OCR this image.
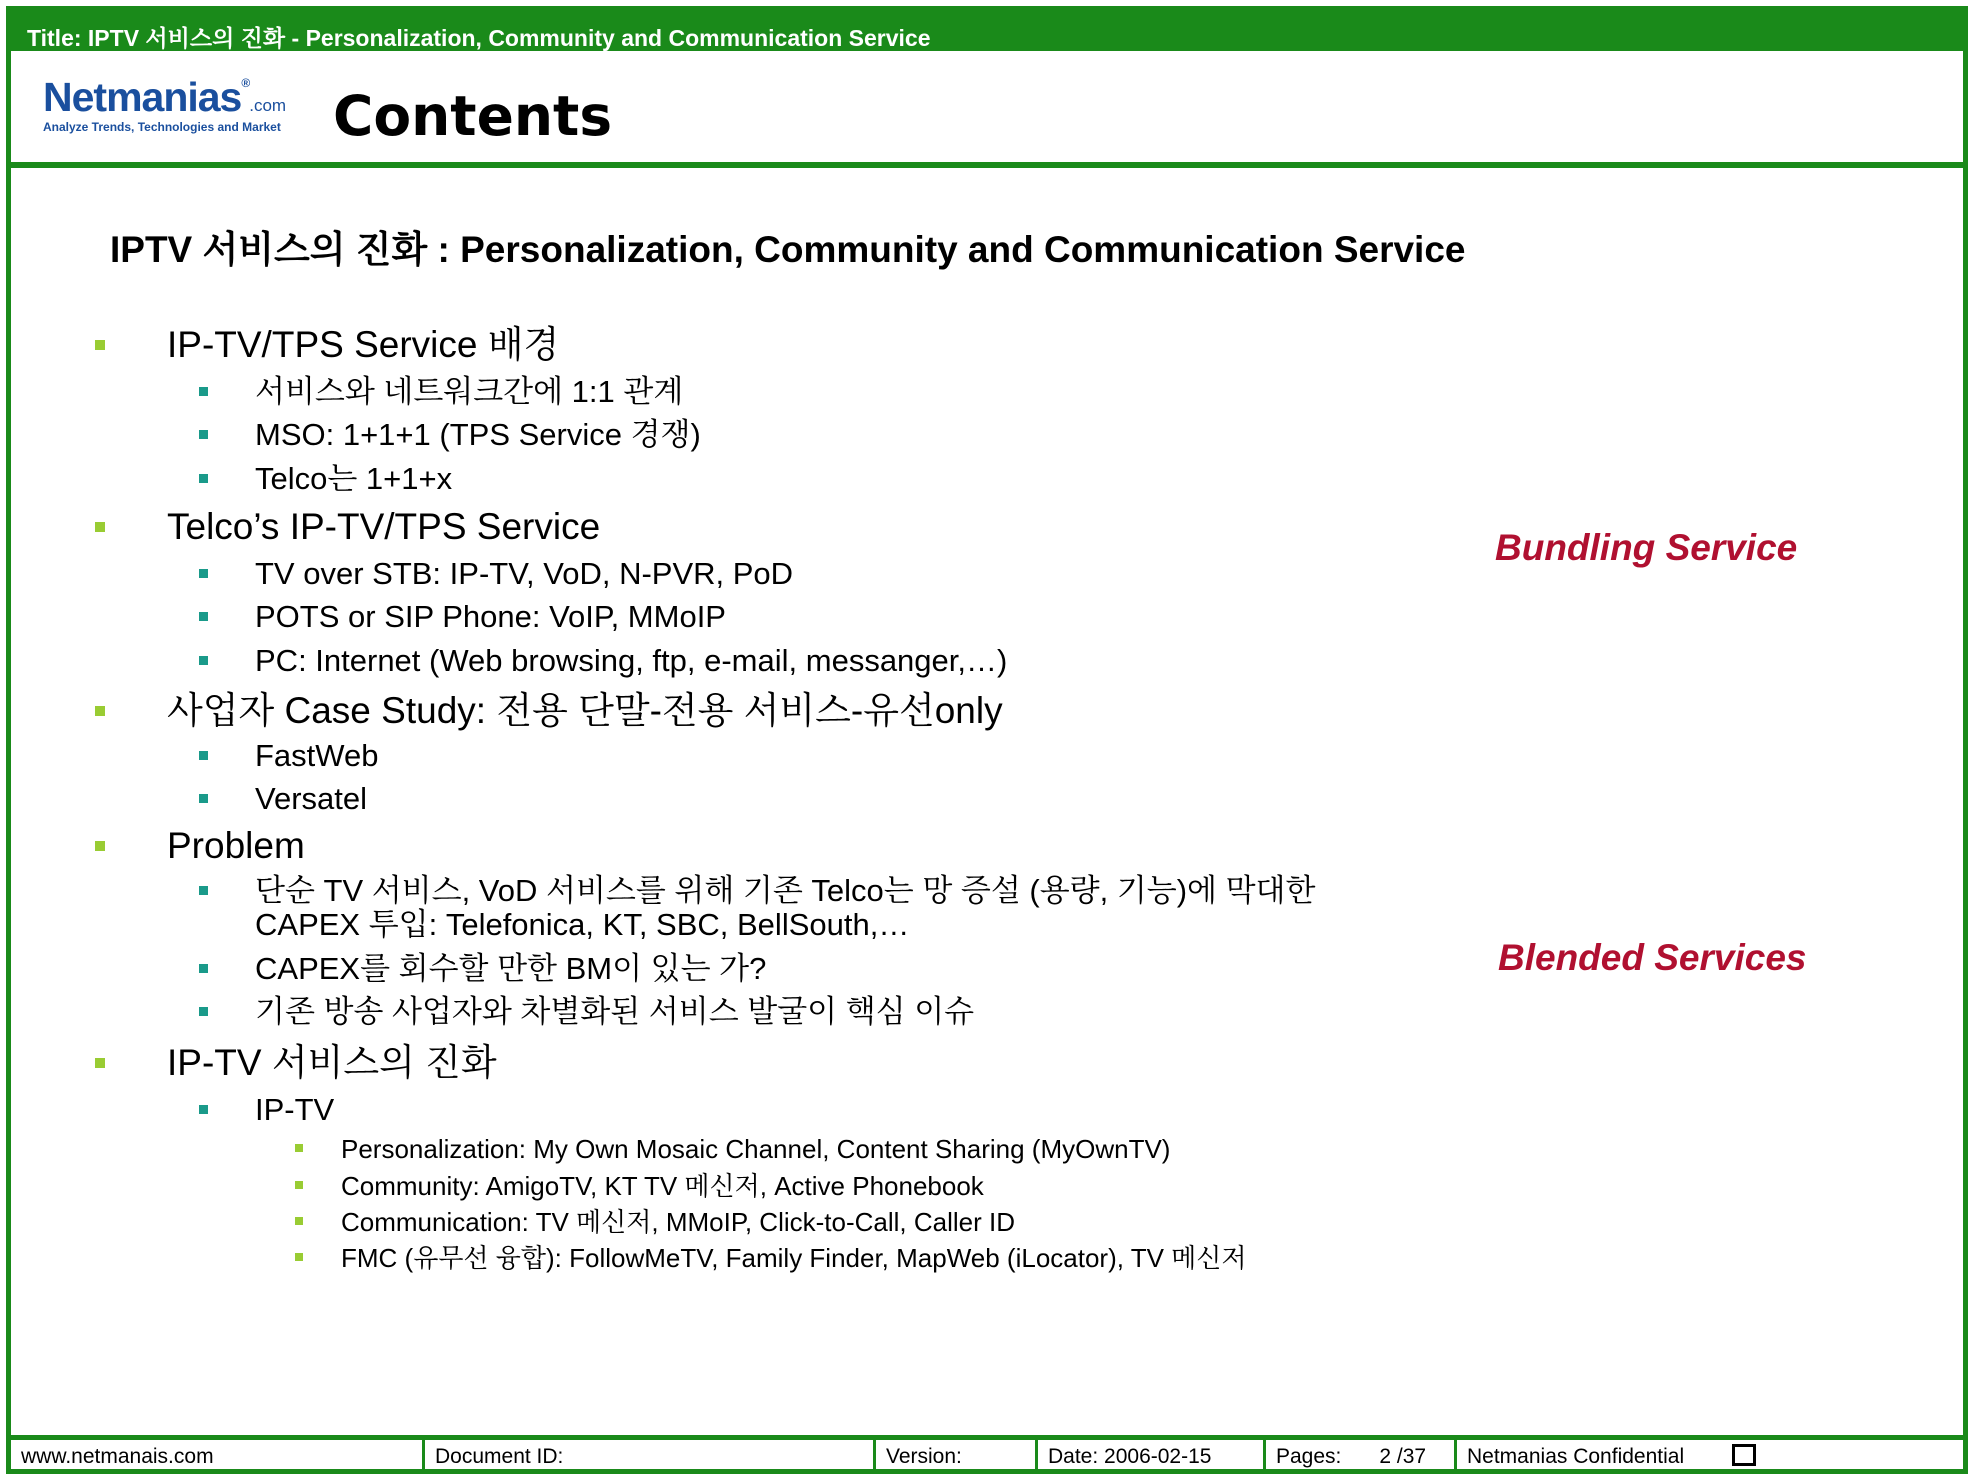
Title: IPTV 서비스의 진화 - Personalization, Community and Communication Service
Netmanias®.com
Analyze Trends, Technologies and Market Contents
IPTV 서비스의 진화 : Personalization, Community and Communication Service
IP-TV/TPS Service 배경
서비스와 네트워크간에 1:1 관계
MSO: 1+1+1 (TPS Service 경쟁)
Telco는 1+1+x
Telco’s IP-TV/TPS Service
TV over STB: IP-TV, VoD, N-PVR, PoD
POTS or SIP Phone: VoIP, MMoIP
PC: Internet (Web browsing, ftp, e-mail, messanger,…)
사업자 Case Study: 전용 단말-전용 서비스-유선only
FastWeb
Versatel
Problem
단순 TV 서비스, VoD 서비스를 위해 기존 Telco는 망 증설 (용량, 기능)에 막대한
CAPEX 투입: Telefonica, KT, SBC, BellSouth,…
CAPEX를 회수할 만한 BM이 있는 가?
기존 방송 사업자와 차별화된 서비스 발굴이 핵심 이슈
IP-TV 서비스의 진화
IP-TV
Personalization: My Own Mosaic Channel, Content Sharing (MyOwnTV)
Community: AmigoTV, KT TV 메신저, Active Phonebook
Communication: TV 메신저, MMoIP, Click-to-Call, Caller ID
FMC (유무선 융합): FollowMeTV, Family Finder, MapWeb (iLocator), TV 메신저
Bundling Service
Blended Services
www.netmanais.com	Document ID:	Version:	Date: 2006-02-15	Pages: 2 /37	Netmanias Confidential
